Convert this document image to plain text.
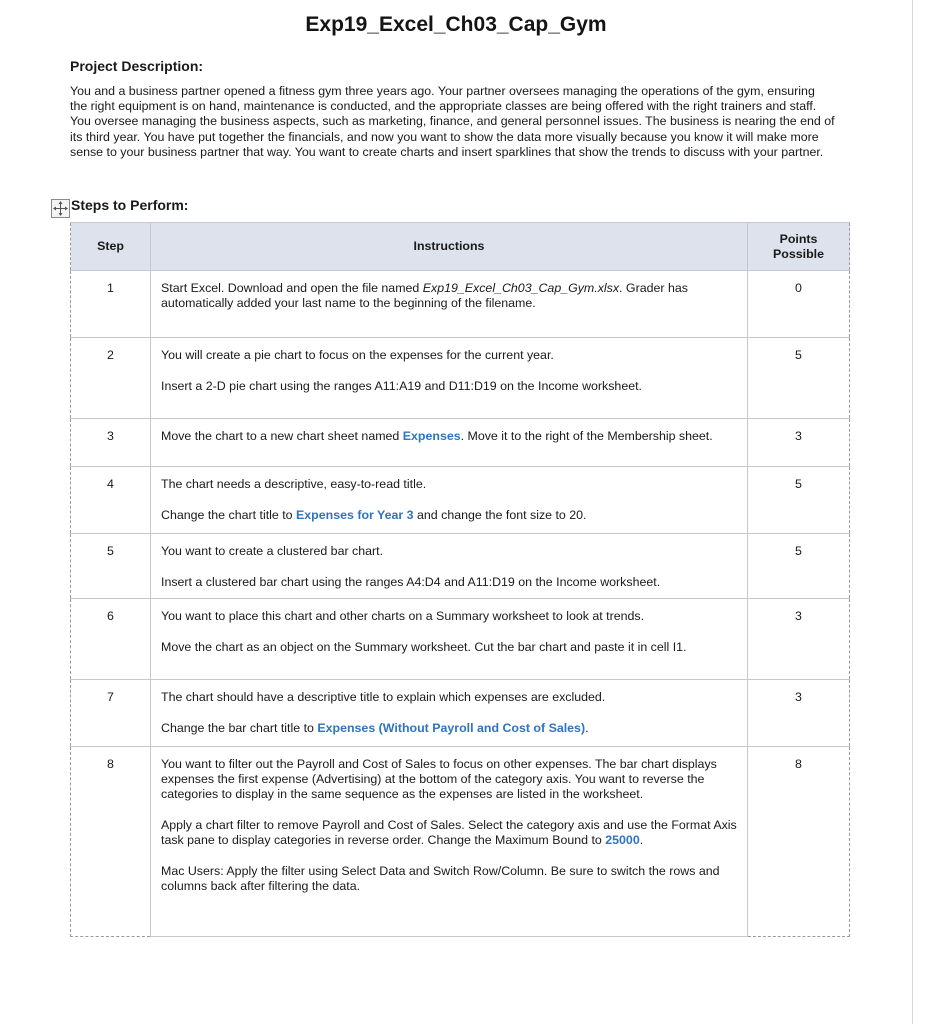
Exp19_Excel_Ch03_Cap_Gym
Project Description:

You and a business partner opened a fitness gym three years ago. Your partner oversees managing the operations of the gym, ensuring the right equipment is on hand, maintenance is conducted, and the appropriate classes are being offered with the right trainers and staff. You oversee managing the business aspects, such as marketing, finance, and general personnel issues. The business is nearing the end of its third year. You have put together the financials, and now you want to show the data more visually because you know it will make more sense to your business partner that way. You want to create charts and insert sparklines that show the trends to discuss with your partner.

Steps to Perform:
Step	Instructions	Points
Possible
1	Start Excel. Download and open the file named Exp19_Excel_Ch03_Cap_Gym.xlsx. Grader has automatically added your last name to the beginning of the filename.	0
2	You will create a pie chart to focus on the expenses for the current year.

Insert a 2-D pie chart using the ranges A11:A19 and D11:D19 on the Income worksheet.	5
3	Move the chart to a new chart sheet named Expenses. Move it to the right of the Membership sheet.	3
4	The chart needs a descriptive, easy-to-read title.

Change the chart title to Expenses for Year 3 and change the font size to 20.	5
5	You want to create a clustered bar chart.

Insert a clustered bar chart using the ranges A4:D4 and A11:D19 on the Income worksheet.	5
6	You want to place this chart and other charts on a Summary worksheet to look at trends.

Move the chart as an object on the Summary worksheet. Cut the bar chart and paste it in cell I1.	3
7	The chart should have a descriptive title to explain which expenses are excluded.

Change the bar chart title to Expenses (Without Payroll and Cost of Sales).	3
8	You want to filter out the Payroll and Cost of Sales to focus on other expenses. The bar chart displays expenses the first expense (Advertising) at the bottom of the category axis. You want to reverse the categories to display in the same sequence as the expenses are listed in the worksheet.

Apply a chart filter to remove Payroll and Cost of Sales. Select the category axis and use the Format Axis task pane to display categories in reverse order. Change the Maximum Bound to 25000.

Mac Users: Apply the filter using Select Data and Switch Row/Column. Be sure to switch the rows and columns back after filtering the data.	8
